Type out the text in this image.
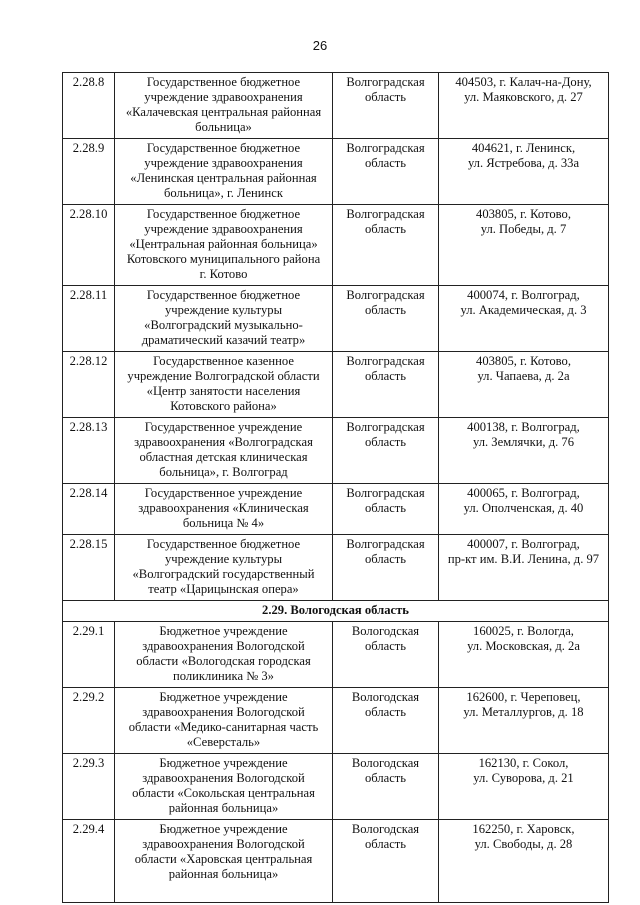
26
2.28.8	Государственное бюджетное
учреждение здравоохранения
«Калачевская центральная районная
больница»	Волгоградская
область	404503, г. Калач-на-Дону,
ул. Маяковского, д. 27

2.28.9	Государственное бюджетное
учреждение здравоохранения
«Ленинская центральная районная
больница», г. Ленинск	Волгоградская
область	404621, г. Ленинск,
ул. Ястребова, д. 33а

2.28.10	Государственное бюджетное
учреждение здравоохранения
«Центральная районная больница»
Котовского муниципального района
г. Котово	Волгоградская
область	403805, г. Котово,
ул. Победы, д. 7

2.28.11	Государственное бюджетное
учреждение культуры
«Волгоградский музыкально-
драматический казачий театр»	Волгоградская
область	400074, г. Волгоград,
ул. Академическая, д. 3

2.28.12	Государственное казенное
учреждение Волгоградской области
«Центр занятости населения
Котовского района»	Волгоградская
область	403805, г. Котово,
ул. Чапаева, д. 2а

2.28.13	Государственное учреждение
здравоохранения «Волгоградская
областная детская клиническая
больница», г. Волгоград	Волгоградская
область	400138, г. Волгоград,
ул. Землячки, д. 76

2.28.14	Государственное учреждение
здравоохранения «Клиническая
больница № 4»	Волгоградская
область	400065, г. Волгоград,
ул. Ополченская, д. 40

2.28.15	Государственное бюджетное
учреждение культуры
«Волгоградский государственный
театр «Царицынская опера»	Волгоградская
область	400007, г. Волгоград,
пр-кт им. В.И. Ленина, д. 97

2.29. Вологодская область			
2.29.1	Бюджетное учреждение
здравоохранения Вологодской
области «Вологодская городская
поликлиника № 3»	Вологодская
область	160025, г. Вологда,
ул. Московская, д. 2а

2.29.2	Бюджетное учреждение
здравоохранения Вологодской
области «Медико-санитарная часть
«Северсталь»	Вологодская
область	162600, г. Череповец,
ул. Металлургов, д. 18

2.29.3	Бюджетное учреждение
здравоохранения Вологодской
области «Сокольская центральная
районная больница»	Вологодская
область	162130, г. Сокол,
ул. Суворова, д. 21

2.29.4	Бюджетное учреждение
здравоохранения Вологодской
области «Харовская центральная
районная больница»	Вологодская
область	162250, г. Харовск,
ул. Свободы, д. 28
